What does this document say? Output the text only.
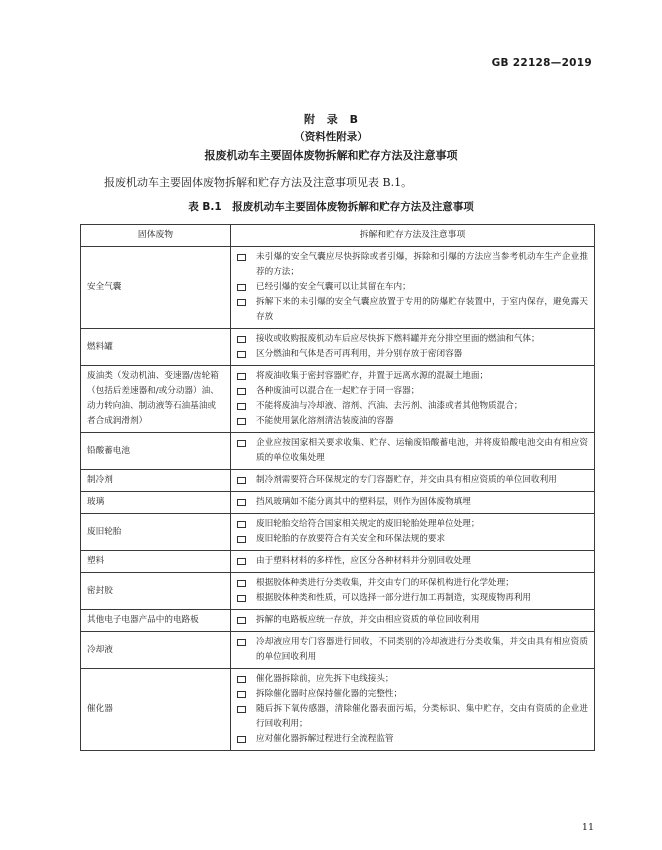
GB 22128—2019
附 录 B
（资料性附录）
报废机动车主要固体废物拆解和贮存方法及注意事项
报废机动车主要固体废物拆解和贮存方法及注意事项见表 B.1。
表 B.1　报废机动车主要固体废物拆解和贮存方法及注意事项
固体废物	拆解和贮存方法及注意事项
安全气囊	未引爆的安全气囊应尽快拆除或者引爆，拆除和引爆的方法应当参考机动车生产企业推荐的方法；
已经引爆的安全气囊可以让其留在车内；
拆解下来的未引爆的安全气囊应放置于专用的防爆贮存装置中，于室内保存，避免露天存放

燃料罐	接收或收购报废机动车后应尽快拆下燃料罐并充分排空里面的燃油和气体；
区分燃油和气体是否可再利用，并分别存放于密闭容器

废油类（发动机油、变速器/齿轮箱（包括后差速器和/或分动器）油、动力转向油、制动液等石油基油或者合成润滑剂）	将废油收集于密封容器贮存，并置于远离水源的混凝土地面；
各种废油可以混合在一起贮存于同一容器；
不能将废油与冷却液、溶剂、汽油、去污剂、油漆或者其他物质混合；
不能使用氯化溶剂清洁装废油的容器

铅酸蓄电池	企业应按国家相关要求收集、贮存、运输废铅酸蓄电池，并将废铅酸电池交由有相应资质的单位收集处理

制冷剂	制冷剂需要符合环保规定的专门容器贮存，并交由具有相应资质的单位回收利用

玻璃	挡风玻璃如不能分离其中的塑料层，则作为固体废物填埋

废旧轮胎	废旧轮胎交给符合国家相关规定的废旧轮胎处理单位处理；
废旧轮胎的存放要符合有关安全和环保法规的要求

塑料	由于塑料材料的多样性，应区分各种材料并分别回收处理

密封胶	根据胶体种类进行分类收集，并交由专门的环保机构进行化学处理；
根据胶体种类和性质，可以选择一部分进行加工再制造，实现废物再利用

其他电子电器产品中的电路板	拆解的电路板应统一存放，并交由相应资质的单位回收利用

冷却液	冷却液应用专门容器进行回收，不同类别的冷却液进行分类收集，并交由具有相应资质的单位回收利用

催化器	催化器拆除前，应先拆下电线接头；
拆除催化器时应保持催化器的完整性；
随后拆下氧传感器，清除催化器表面污垢，分类标识、集中贮存，交由有资质的企业进行回收利用；
应对催化器拆解过程进行全流程监管
11
